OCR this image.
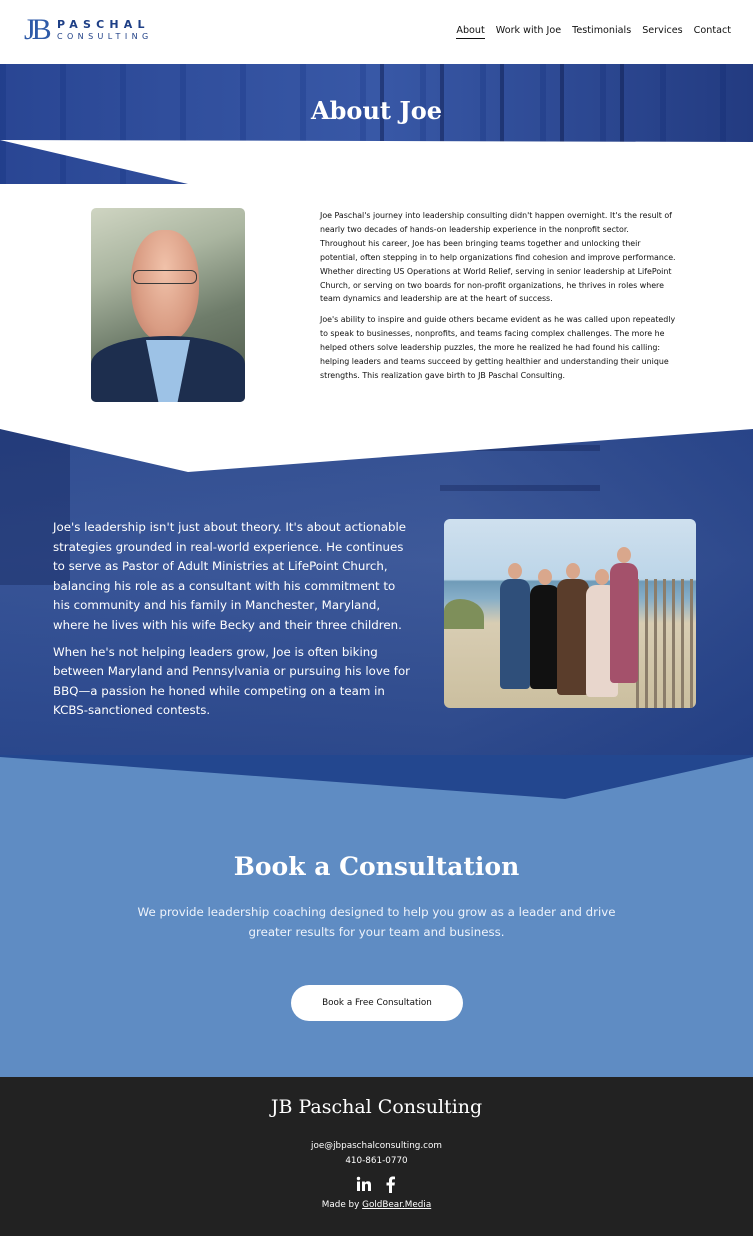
JB PASCHAL
CONSULTING
About Work with Joe Testimonials Services Contact
About Joe

Joe Paschal's journey into leadership consulting didn't happen overnight. It's the result of nearly two decades of hands-on leadership experience in the nonprofit sector. Throughout his career, Joe has been bringing teams together and unlocking their potential, often stepping in to help organizations find cohesion and improve performance. Whether directing US Operations at World Relief, serving in senior leadership at LifePoint Church, or serving on two boards for non-profit organizations, he thrives in roles where team dynamics and leadership are at the heart of success.

Joe's ability to inspire and guide others became evident as he was called upon repeatedly to speak to businesses, nonprofits, and teams facing complex challenges. The more he helped others solve leadership puzzles, the more he realized he had found his calling: helping leaders and teams succeed by getting healthier and understanding their unique strengths. This realization gave birth to JB Paschal Consulting.

Joe's leadership isn't just about theory. It's about actionable strategies grounded in real-world experience. He continues to serve as Pastor of Adult Ministries at LifePoint Church, balancing his role as a consultant with his commitment to his community and his family in Manchester, Maryland, where he lives with his wife Becky and their three children.

When he's not helping leaders grow, Joe is often biking between Maryland and Pennsylvania or pursuing his love for BBQ—a passion he honed while competing on a team in KCBS-sanctioned contests.

Book a Consultation

We provide leadership coaching designed to help you grow as a leader and drive greater results for your team and business.

Book a Free Consultation
JB Paschal Consulting
joe@jbpaschalconsulting.com
410-861-0770
Made by GoldBear.Media
